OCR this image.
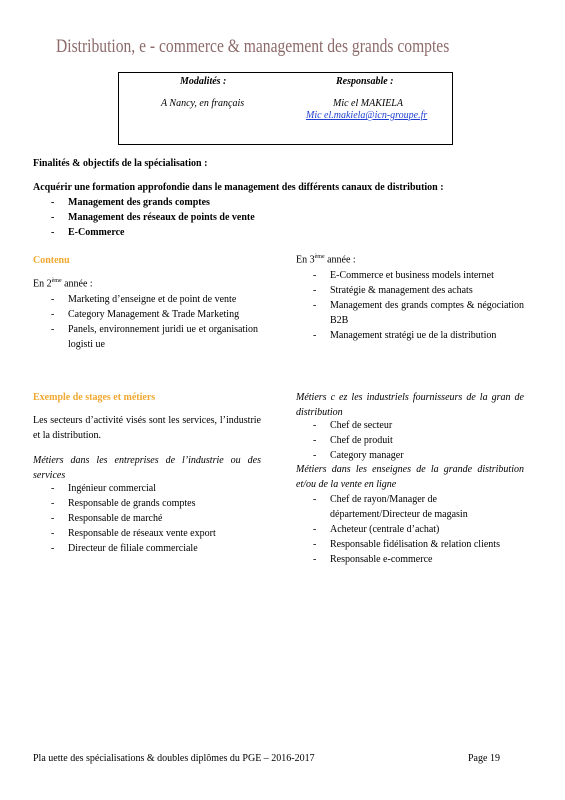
Distribution, e - commerce & management des grands comptes
Modalités :
A Nancy, en français
Responsable :
Mic el MAKIELA
Mic el.makiela@icn-groupe.fr
Finalités & objectifs de la spécialisation :
Acquérir une formation approfondie dans le management des différents canaux de distribution :
- Management des grands comptes
- Management des réseaux de points de vente
- E-Commerce
Contenu
En 2ème année :
- Marketing d’enseigne et de point de vente
- Category Management & Trade Marketing
- Panels, environnement juridi ue et organisation logisti ue
En 3ème année :
- E-Commerce et business models internet
- Stratégie & management des achats
- Management des grands comptes & négociation B2B
- Management stratégi ue de la distribution
Exemple de stages et métiers
Les secteurs d’activité visés sont les services, l’industrie et la distribution.
Métiers dans les entreprises de l’industrie ou des services
- Ingénieur commercial
- Responsable de grands comptes
- Responsable de marché
- Responsable de réseaux vente export
- Directeur de filiale commerciale
Métiers c ez les industriels fournisseurs de la gran de distribution
- Chef de secteur
- Chef de produit
- Category manager
Métiers dans les enseignes de la grande distribution et/ou de la vente en ligne
- Chef de rayon/Manager de département/Directeur de magasin
- Acheteur (centrale d’achat)
- Responsable fidélisation & relation clients
- Responsable e-commerce
Pla uette des spécialisations & doubles diplômes du PGE – 2016-2017	Page 19
